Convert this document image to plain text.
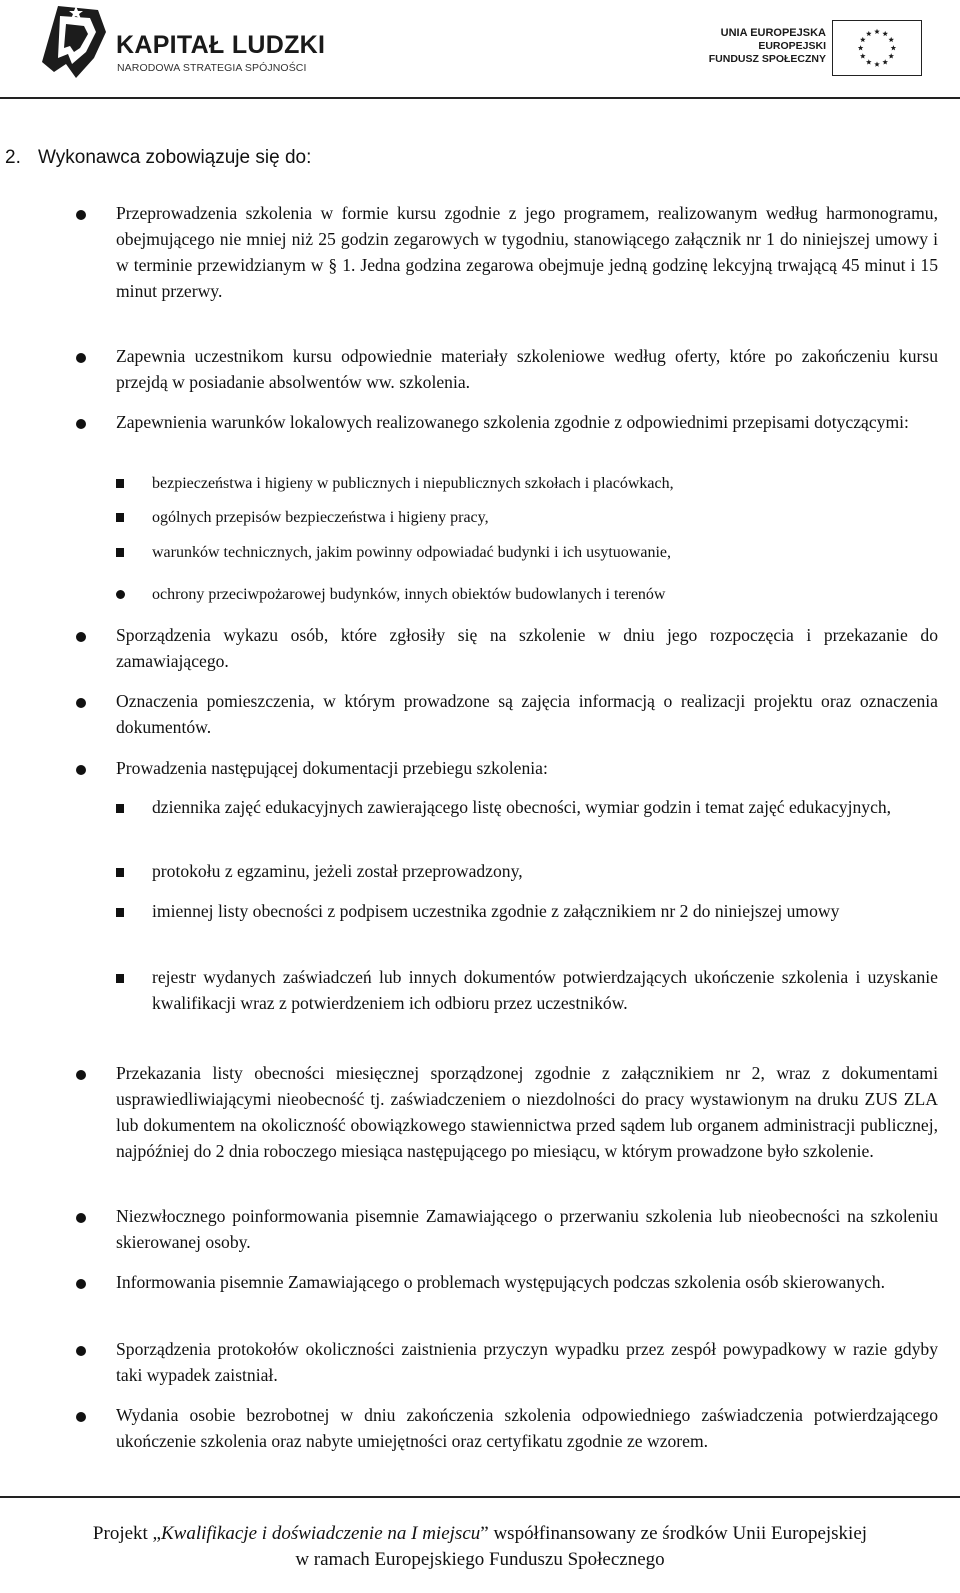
KAPITAŁ LUDZKI
NARODOWA STRATEGIA SPÓJNOŚCI
UNIA EUROPEJSKA
EUROPEJSKI
FUNDUSZ SPOŁECZNY
2. Wykonawca zobowiązuje się do:
Przeprowadzenia szkolenia w formie kursu zgodnie z jego programem, realizowanym według harmonogramu, obejmującego nie mniej niż 25 godzin zegarowych w tygodniu, stanowiącego załącznik nr 1 do niniejszej umowy i w terminie przewidzianym w § 1. Jedna godzina zegarowa obejmuje jedną godzinę lekcyjną trwającą 45 minut i 15 minut przerwy.
Zapewnia uczestnikom kursu odpowiednie materiały szkoleniowe według oferty, które po zakończeniu kursu przejdą w posiadanie absolwentów ww. szkolenia.
Zapewnienia warunków lokalowych realizowanego szkolenia zgodnie z odpowiednimi przepisami dotyczącymi:
bezpieczeństwa i higieny w publicznych i niepublicznych szkołach i placówkach,
ogólnych przepisów bezpieczeństwa i higieny pracy,
warunków technicznych, jakim powinny odpowiadać budynki i ich usytuowanie,
ochrony przeciwpożarowej budynków, innych obiektów budowlanych i terenów
Sporządzenia wykazu osób, które zgłosiły się na szkolenie w dniu jego rozpoczęcia i przekazanie do zamawiającego.
Oznaczenia pomieszczenia, w którym prowadzone są zajęcia informacją o realizacji projektu oraz oznaczenia dokumentów.
Prowadzenia następującej dokumentacji przebiegu szkolenia:
dziennika zajęć edukacyjnych zawierającego listę obecności, wymiar godzin i temat zajęć edukacyjnych,
protokołu z egzaminu, jeżeli został przeprowadzony,
imiennej listy obecności z podpisem uczestnika zgodnie z załącznikiem nr 2 do niniejszej umowy
rejestr wydanych zaświadczeń lub innych dokumentów potwierdzających ukończenie szkolenia i uzyskanie kwalifikacji wraz z potwierdzeniem ich odbioru przez uczestników.
Przekazania listy obecności miesięcznej sporządzonej zgodnie z załącznikiem nr 2, wraz z dokumentami usprawiedliwiającymi nieobecność tj. zaświadczeniem o niezdolności do pracy wystawionym na druku ZUS ZLA lub dokumentem na okoliczność obowiązkowego stawiennictwa przed sądem lub organem administracji publicznej, najpóźniej do 2 dnia roboczego miesiąca następującego po miesiącu, w którym prowadzone było szkolenie.
Niezwłocznego poinformowania pisemnie Zamawiającego o przerwaniu szkolenia lub nieobecności na szkoleniu skierowanej osoby.
Informowania pisemnie Zamawiającego o problemach występujących podczas szkolenia osób skierowanych.
Sporządzenia protokołów okoliczności zaistnienia przyczyn wypadku przez zespół powypadkowy w razie gdyby taki wypadek zaistniał.
Wydania osobie bezrobotnej w dniu zakończenia szkolenia odpowiedniego zaświadczenia potwierdzającego ukończenie szkolenia oraz nabyte umiejętności oraz certyfikatu zgodnie ze wzorem.
Projekt „Kwalifikacje i doświadczenie na I miejscu” współfinansowany ze środków Unii Europejskiej
w ramach Europejskiego Funduszu Społecznego
